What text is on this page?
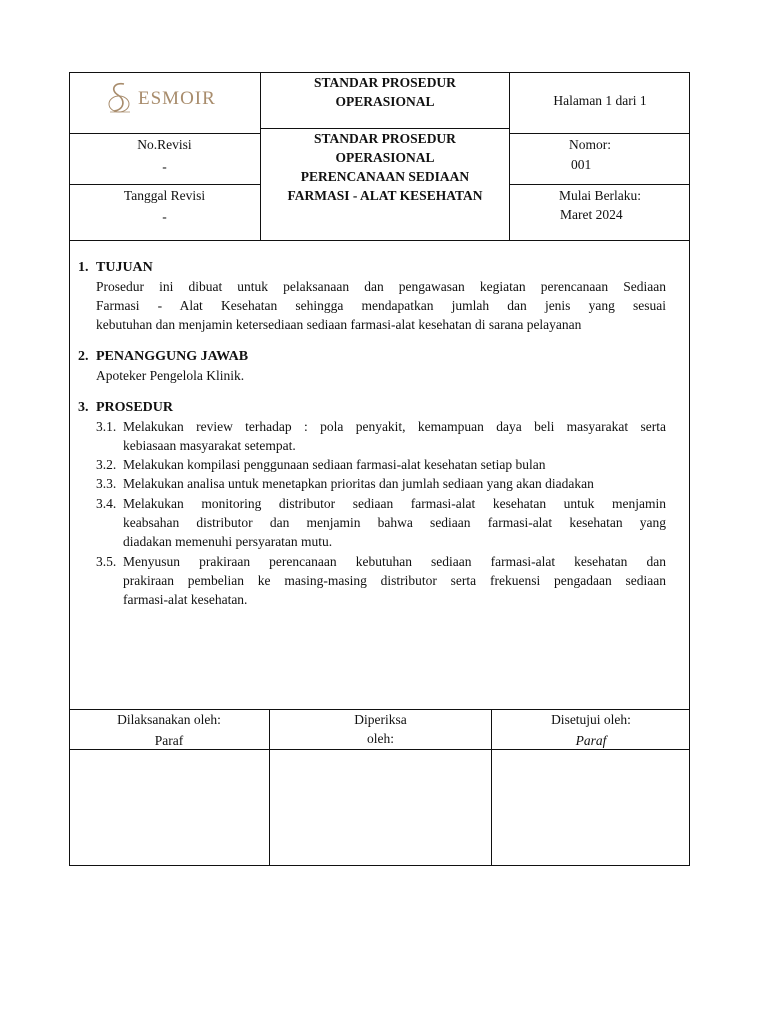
ESMOIR
STANDAR PROSEDUR
OPERASIONAL	Halaman 1 dari 1
No.Revisi
-
STANDAR PROSEDUR
OPERASIONAL
PERENCANAAN SEDIAAN
FARMASI - ALAT KESEHATAN
Nomor:
001
Tanggal Revisi
-
Mulai Berlaku:
Maret 2024
1. TUJUAN
Prosedur ini dibuat untuk pelaksanaan dan pengawasan kegiatan perencanaan Sediaan
Farmasi - Alat Kesehatan sehingga mendapatkan jumlah dan jenis yang sesuai
kebutuhan dan menjamin ketersediaan sediaan farmasi-alat kesehatan di sarana pelayanan
2. PENANGGUNG JAWAB
Apoteker Pengelola Klinik.
3. PROSEDUR
3.1. Melakukan review terhadap : pola penyakit, kemampuan daya beli masyarakat serta
kebiasaan masyarakat setempat.
3.2. Melakukan kompilasi penggunaan sediaan farmasi-alat kesehatan setiap bulan
3.3. Melakukan analisa untuk menetapkan prioritas dan jumlah sediaan yang akan diadakan
3.4. Melakukan monitoring distributor sediaan farmasi-alat kesehatan untuk menjamin
keabsahan distributor dan menjamin bahwa sediaan farmasi-alat kesehatan yang
diadakan memenuhi persyaratan mutu.
3.5. Menyusun prakiraan perencanaan kebutuhan sediaan farmasi-alat kesehatan dan
prakiraan pembelian ke masing-masing distributor serta frekuensi pengadaan sediaan
farmasi-alat kesehatan.
Dilaksanakan oleh:
Paraf
Diperiksa
oleh:
Disetujui oleh:
Paraf
